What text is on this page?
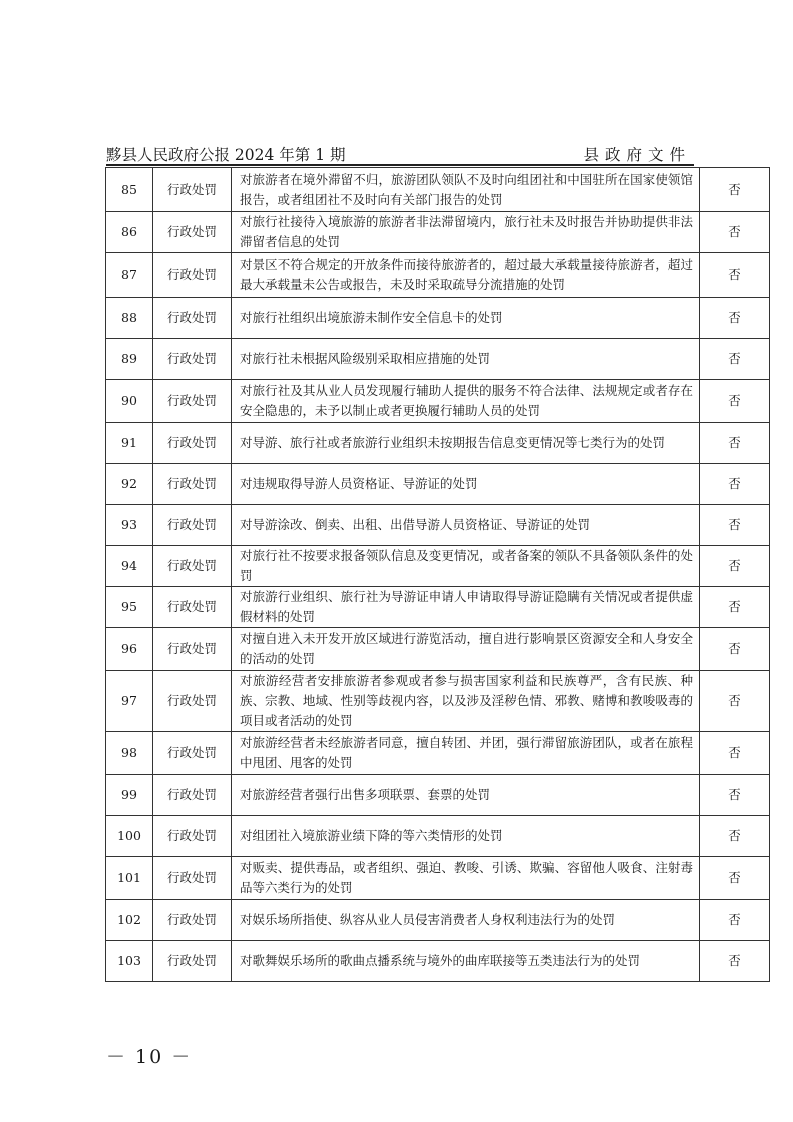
黟县人民政府公报 2024 年第 1 期	县政府文件
85	行政处罚	对旅游者在境外滞留不归，旅游团队领队不及时向组团社和中国驻所在国家使领馆报告，或者组团社不及时向有关部门报告的处罚	否
86	行政处罚	对旅行社接待入境旅游的旅游者非法滞留境内，旅行社未及时报告并协助提供非法滞留者信息的处罚	否
87	行政处罚	对景区不符合规定的开放条件而接待旅游者的，超过最大承载量接待旅游者，超过最大承载量未公告或报告，未及时采取疏导分流措施的处罚	否
88	行政处罚	对旅行社组织出境旅游未制作安全信息卡的处罚	否
89	行政处罚	对旅行社未根据风险级别采取相应措施的处罚	否
90	行政处罚	对旅行社及其从业人员发现履行辅助人提供的服务不符合法律、法规规定或者存在安全隐患的，未予以制止或者更换履行辅助人员的处罚	否
91	行政处罚	对导游、旅行社或者旅游行业组织未按期报告信息变更情况等七类行为的处罚	否
92	行政处罚	对违规取得导游人员资格证、导游证的处罚	否
93	行政处罚	对导游涂改、倒卖、出租、出借导游人员资格证、导游证的处罚	否
94	行政处罚	对旅行社不按要求报备领队信息及变更情况，或者备案的领队不具备领队条件的处罚	否
95	行政处罚	对旅游行业组织、旅行社为导游证申请人申请取得导游证隐瞒有关情况或者提供虚假材料的处罚	否
96	行政处罚	对擅自进入未开发开放区域进行游览活动，擅自进行影响景区资源安全和人身安全的活动的处罚	否
97	行政处罚	对旅游经营者安排旅游者参观或者参与损害国家利益和民族尊严，含有民族、种族、宗教、地域、性别等歧视内容，以及涉及淫秽色情、邪教、赌博和教唆吸毒的项目或者活动的处罚	否
98	行政处罚	对旅游经营者未经旅游者同意，擅自转团、并团，强行滞留旅游团队，或者在旅程中甩团、甩客的处罚	否
99	行政处罚	对旅游经营者强行出售多项联票、套票的处罚	否
100	行政处罚	对组团社入境旅游业绩下降的等六类情形的处罚	否
101	行政处罚	对贩卖、提供毒品，或者组织、强迫、教唆、引诱、欺骗、容留他人吸食、注射毒品等六类行为的处罚	否
102	行政处罚	对娱乐场所指使、纵容从业人员侵害消费者人身权利违法行为的处罚	否
103	行政处罚	对歌舞娱乐场所的歌曲点播系统与境外的曲库联接等五类违法行为的处罚	否
－ 10 －
